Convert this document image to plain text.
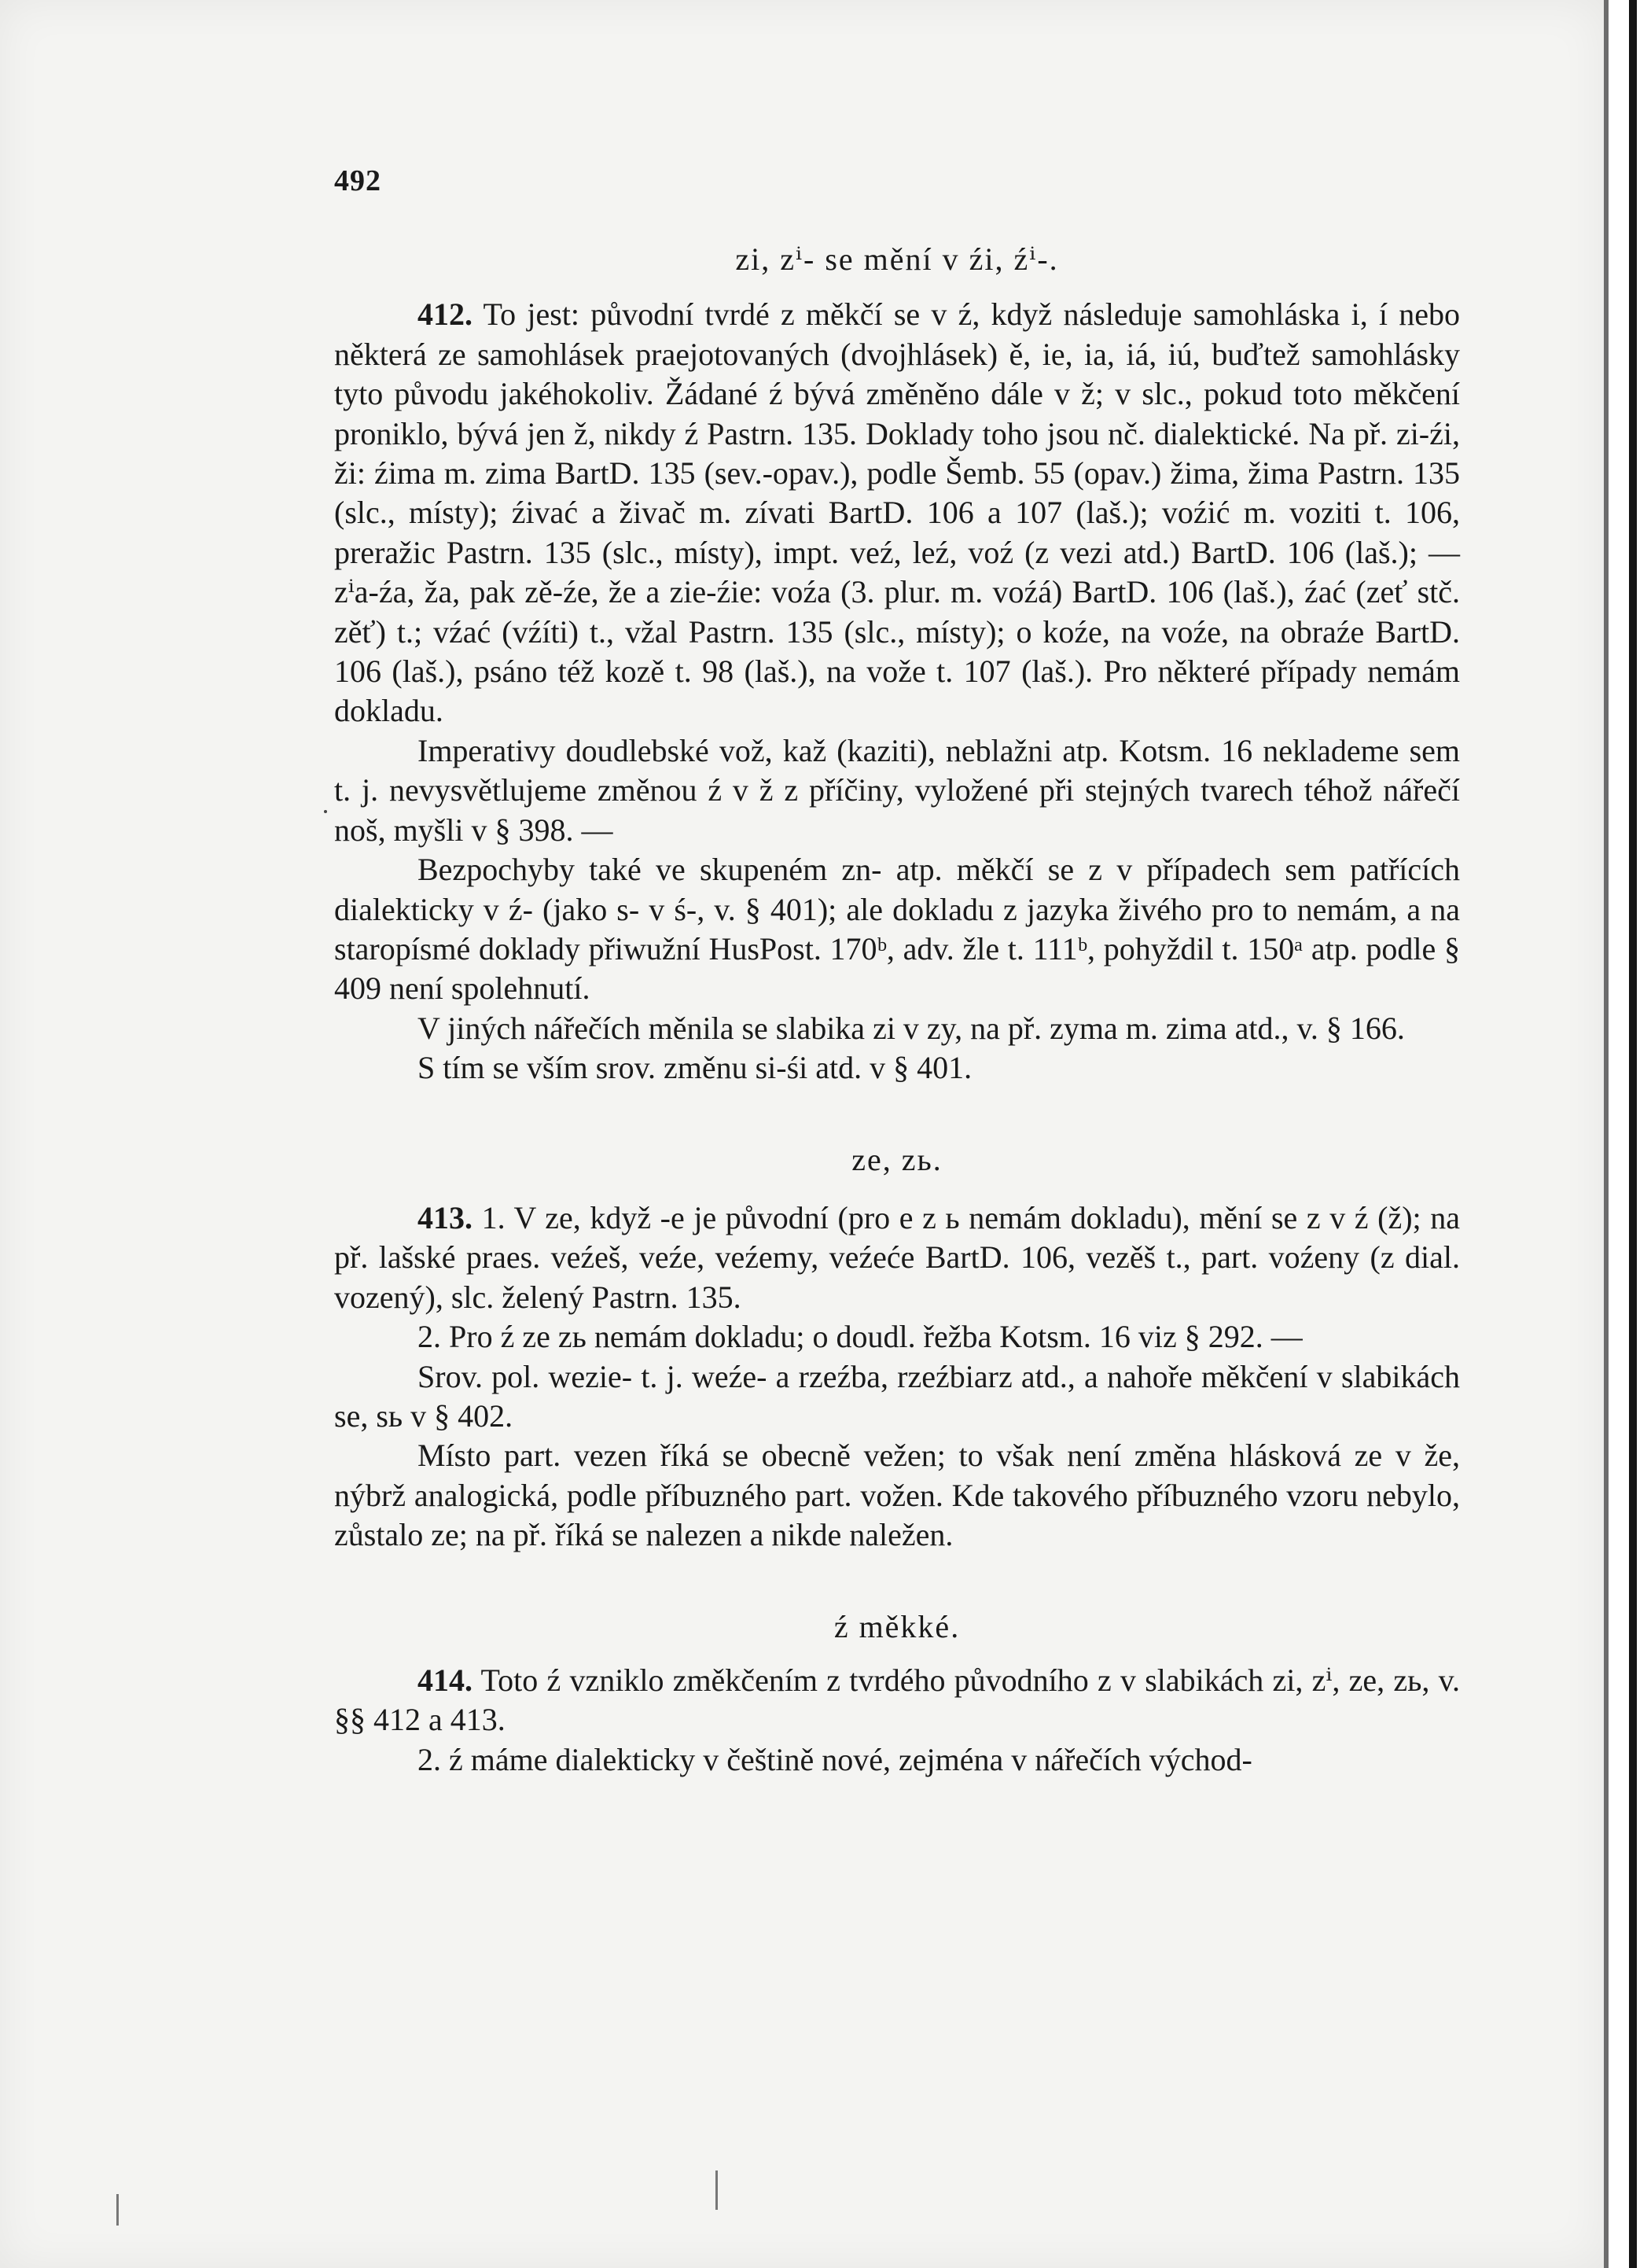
492
zi, zⁱ- se mění v źi, źⁱ-.

412. To jest: původní tvrdé z měkčí se v ź, když následuje samohláska i, í nebo některá ze samohlásek praejotovaných (dvojhlásek) ě, ie, ia, iá, iú, buďtež samohlásky tyto původu jakéhokoliv. Žádané ź bývá změněno dále v ž; v slc., pokud toto měkčení proniklo, bývá jen ž, nikdy ź Pastrn. 135. Doklady toho jsou nč. dialektické. Na př. zi-źi, ži: źima m. zima BartD. 135 (sev.-opav.), podle Šemb. 55 (opav.) žima, žima Pastrn. 135 (slc., místy); źivać a živač m. zívati BartD. 106 a 107 (laš.); voźić m. voziti t. 106, preražic Pastrn. 135 (slc., místy), impt. veź, leź, voź (z vezi atd.) BartD. 106 (laš.); — zⁱa-źa, ža, pak zě-źe, že a zie-źie: voźa (3. plur. m. voźá) BartD. 106 (laš.), źać (zeť stč. zěť) t.; vźać (vźíti) t., vžal Pastrn. 135 (slc., místy); o koźe, na voźe, na obraźe BartD. 106 (laš.), psáno též kozě t. 98 (laš.), na vože t. 107 (laš.). Pro některé případy nemám dokladu.

Imperativy doudlebské vož, kaž (kaziti), neblažni atp. Kotsm. 16 neklademe sem t. j. nevysvětlujeme změnou ź v ž z příčiny, vyložené při stejných tvarech téhož nářečí noš, myšli v § 398. —

Bezpochyby také ve skupeném zn- atp. měkčí se z v případech sem patřících dialekticky v ź- (jako s- v ś-, v. § 401); ale dokladu z jazyka živého pro to nemám, a na staropísmé doklady přiwužní HusPost. 170ᵇ, adv. žle t. 111ᵇ, pohyždil t. 150ᵃ atp. podle § 409 není spolehnutí.

V jiných nářečích měnila se slabika zi v zy, na př. zyma m. zima atd., v. § 166.

S tím se vším srov. změnu si-śi atd. v § 401.

ze, zь.

413. 1. V ze, když -e je původní (pro e z ь nemám dokladu), mění se z v ź (ž); na př. lašské praes. veźeš, veźe, veźemy, veźeće BartD. 106, vezěš t., part. voźeny (z dial. vozený), slc. želený Pastrn. 135.

2. Pro ź ze zь nemám dokladu; o doudl. řežba Kotsm. 16 viz § 292. —

Srov. pol. wezie- t. j. weźe- a rzeźba, rzeźbiarz atd., a nahoře měkčení v slabikách se, sь v § 402.

Místo part. vezen říká se obecně vežen; to však není změna hlásková ze v že, nýbrž analogická, podle příbuzného part. vožen. Kde takového příbuzného vzoru nebylo, zůstalo ze; na př. říká se nalezen a nikde naležen.

ź měkké.

414. Toto ź vzniklo změkčením z tvrdého původního z v slabikách zi, zⁱ, ze, zь, v. §§ 412 a 413.

2. ź máme dialekticky v češtině nové, zejména v nářečích východ-
